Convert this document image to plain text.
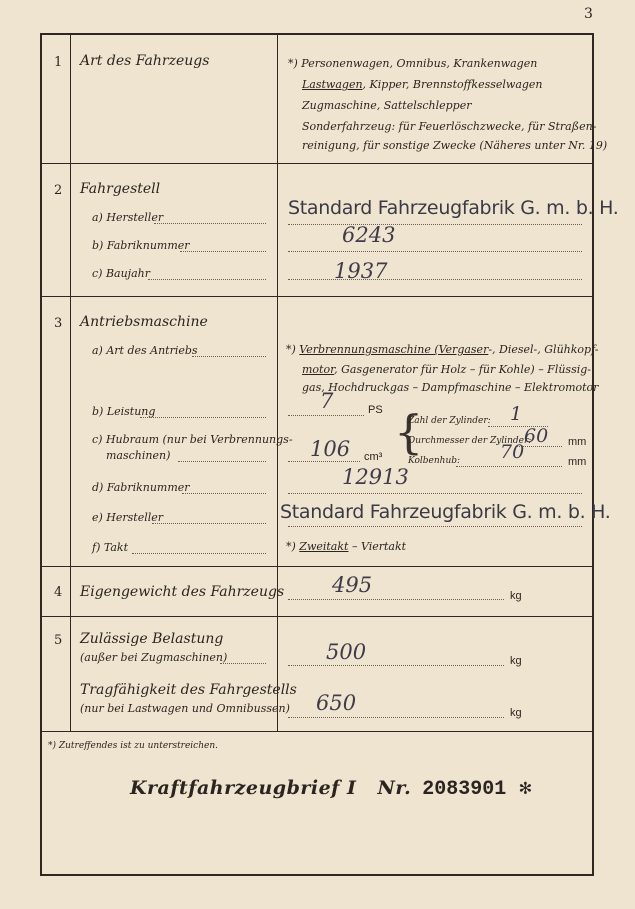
3
1 Art des Fahrzeugs	*) Personenwagen, Omnibus, Krankenwagen
Lastwagen, Kipper, Brennstoffkesselwagen
Zugmaschine, Sattelschlepper
Sonderfahrzeug: für Feuerlöschzwecke, für Straßen-
reinigung, für sonstige Zwecke (Näheres unter Nr. 19)
2 Fahrgestell
a) Hersteller	Standard Fahrzeugfabrik G. m. b. H.
b) Fabriknummer	6243
c) Baujahr	1937
3 Antriebsmaschine
a) Art des Antriebs	*) Verbrennungsmaschine (Vergaser-, Diesel-, Glühkopf-
motor, Gasgenerator für Holz – für Kohle) – Flüssig-
gas, Hochdruckgas – Dampfmaschine – Elektromotor
b) Leistung	7	PS
c) Hubraum (nur bei Verbrennungs-
maschinen)	106 cm³ {
Zahl der Zylinder: 1
Durchmesser der Zylinder:
60 mm
Kolbenhub: 70	mm
d) Fabriknummer	12913
e) Hersteller	Standard Fahrzeugfabrik G. m. b. H.
f) Takt	*) Zweitakt – Viertakt
4 Eigengewicht des Fahrzeugs 495	kg
5 Zulässige Belastung
(außer bei Zugmaschinen)	500	kg
Tragfähigkeit des Fahrgestells
(nur bei Lastwagen und Omnibussen) 650	kg
*) Zutreffendes ist zu unterstreichen.
Kraftfahrzeugbrief I Nr. 2083901 ✻
